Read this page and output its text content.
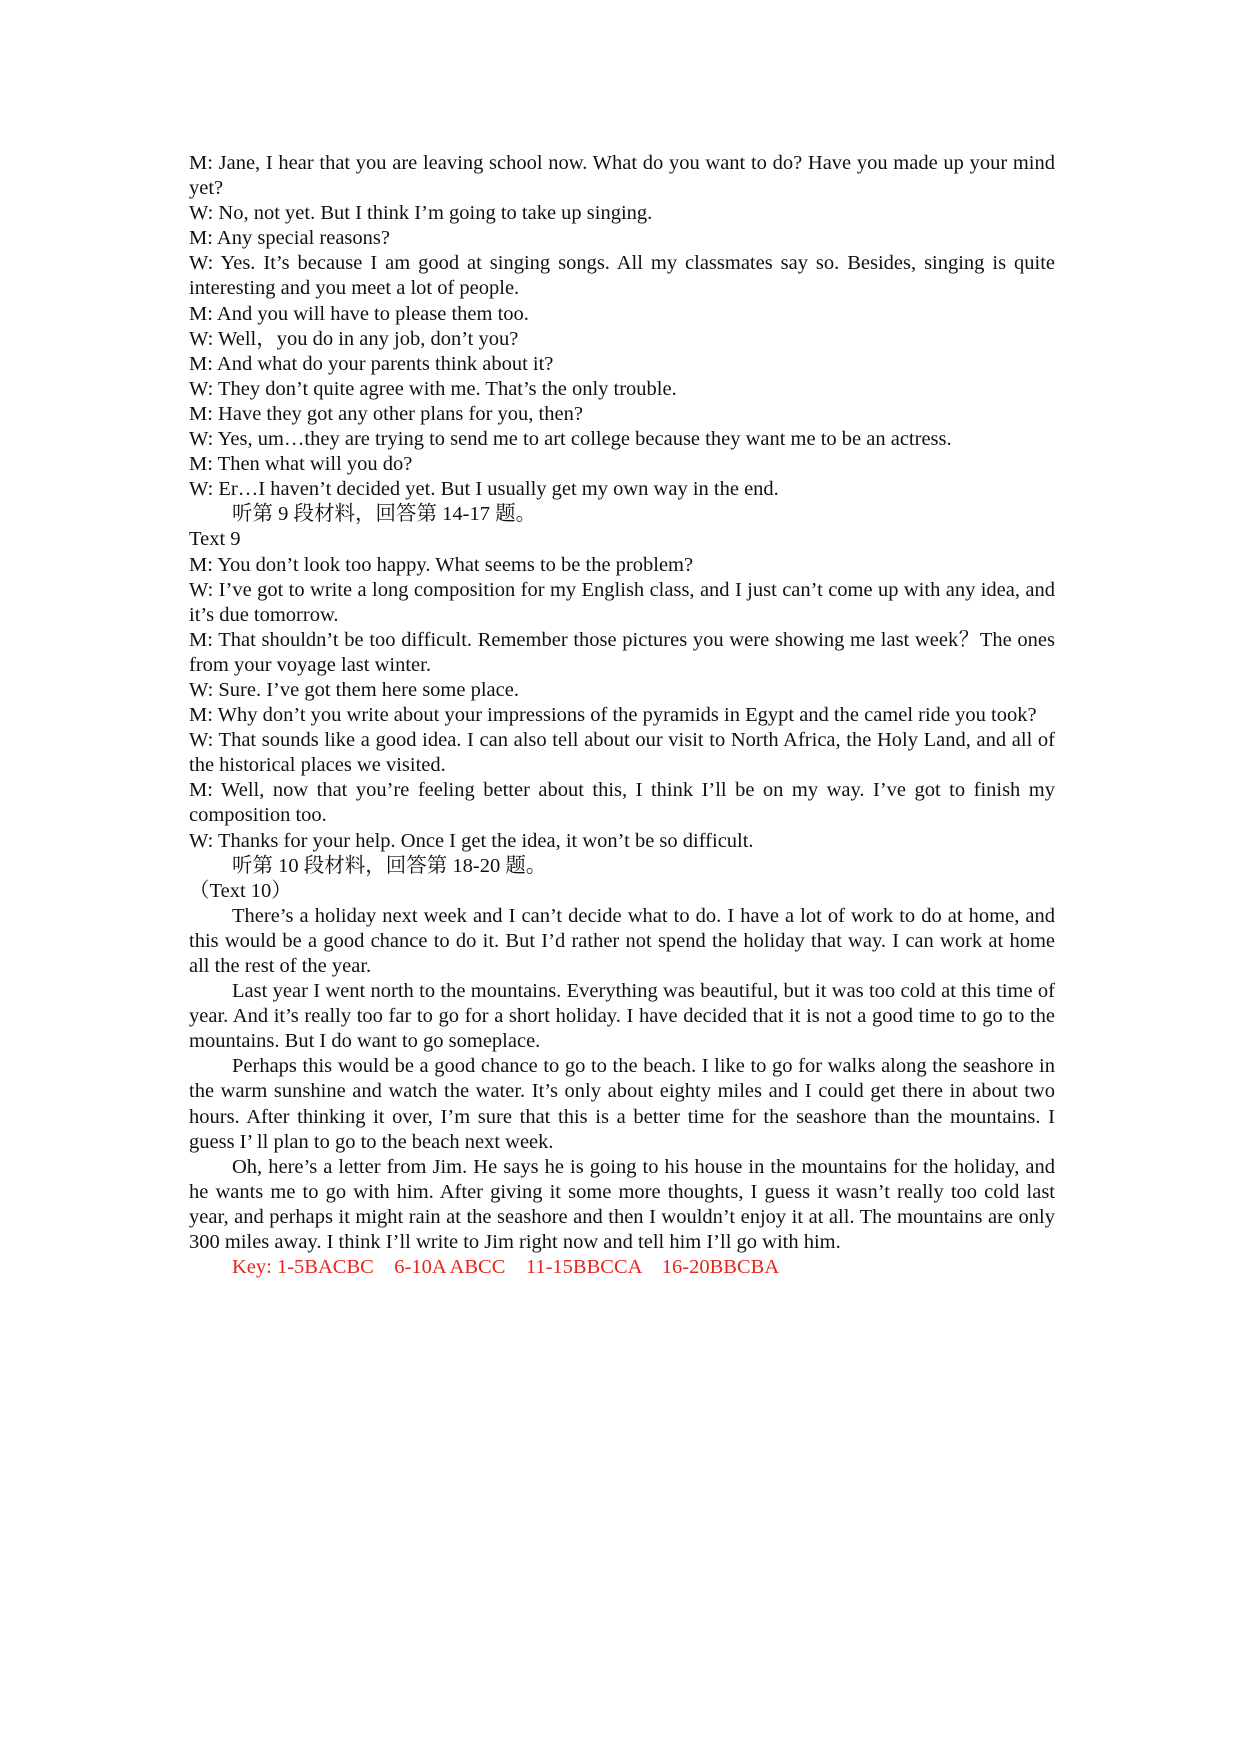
M: Jane, I hear that you are leaving school now. What do you want to do? Have you made up your mind yet?

W: No, not yet. But I think I’m going to take up singing.

M: Any special reasons?

W: Yes. It’s because I am good at singing songs. All my classmates say so. Besides, singing is quite interesting and you meet a lot of people.

M: And you will have to please them too.

W: Well，you do in any job, don’t you?

M: And what do your parents think about it?

W: They don’t quite agree with me. That’s the only trouble.

M: Have they got any other plans for you, then?

W: Yes, um…they are trying to send me to art college because they want me to be an actress.

M: Then what will you do?

W: Er…I haven’t decided yet. But I usually get my own way in the end.

听第 9 段材料，回答第 14-17 题。

Text 9

M: You don’t look too happy. What seems to be the problem?

W: I’ve got to write a long composition for my English class, and I just can’t come up with any idea, and it’s due tomorrow.

M: That shouldn’t be too difficult. Remember those pictures you were showing me last week？The ones from your voyage last winter.

W: Sure. I’ve got them here some place.

M: Why don’t you write about your impressions of the pyramids in Egypt and the camel ride you took?

W: That sounds like a good idea. I can also tell about our visit to North Africa, the Holy Land, and all of the historical places we visited.

M: Well, now that you’re feeling better about this, I think I’ll be on my way. I’ve got to finish my composition too.

W: Thanks for your help. Once I get the idea, it won’t be so difficult.

听第 10 段材料，回答第 18-20 题。

（Text 10）

There’s a holiday next week and I can’t decide what to do. I have a lot of work to do at home, and this would be a good chance to do it. But I’d rather not spend the holiday that way. I can work at home all the rest of the year.

Last year I went north to the mountains. Everything was beautiful, but it was too cold at this time of year. And it’s really too far to go for a short holiday. I have decided that it is not a good time to go to the mountains. But I do want to go someplace.

Perhaps this would be a good chance to go to the beach. I like to go for walks along the seashore in the warm sunshine and watch the water. It’s only about eighty miles and I could get there in about two hours. After thinking it over, I’m sure that this is a better time for the seashore than the mountains. I guess I’ ll plan to go to the beach next week.

Oh, here’s a letter from Jim. He says he is going to his house in the mountains for the holiday, and he wants me to go with him. After giving it some more thoughts, I guess it wasn’t really too cold last year, and perhaps it might rain at the seashore and then I wouldn’t enjoy it at all. The mountains are only 300 miles away. I think I’ll write to Jim right now and tell him I’ll go with him.

Key: 1-5BACBC    6-10A ABCC    11-15BBCCA    16-20BBCBA
